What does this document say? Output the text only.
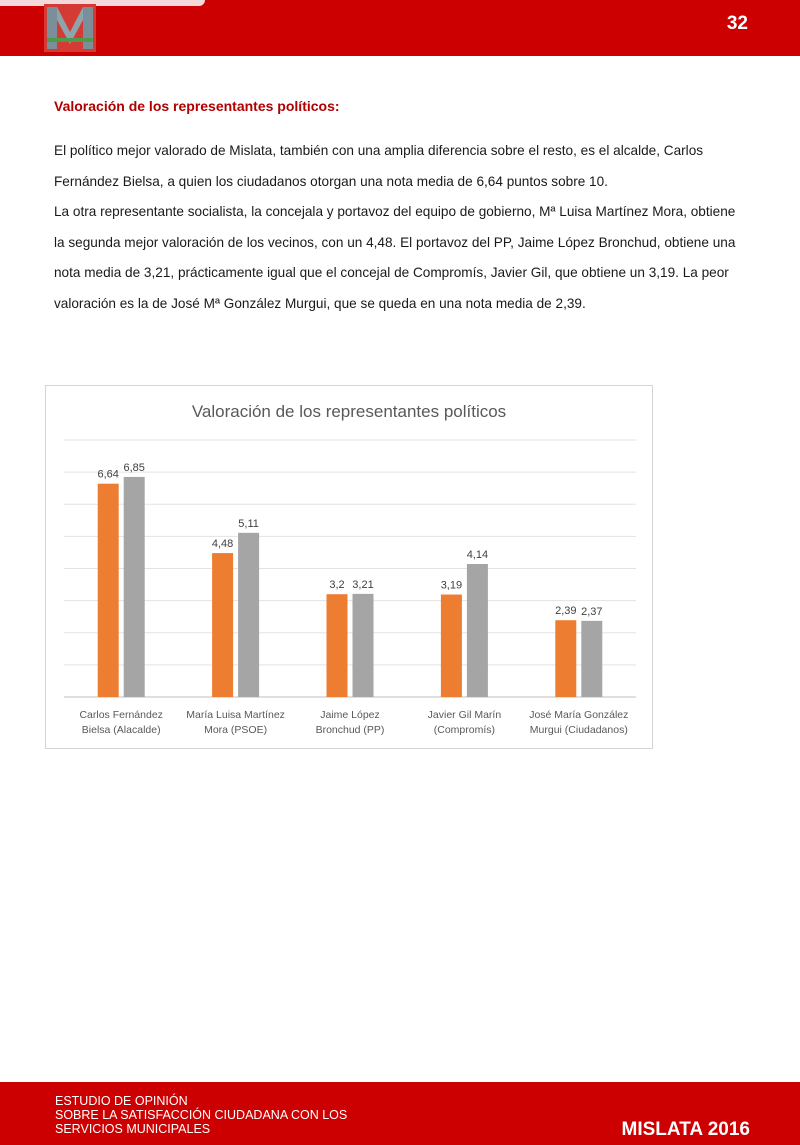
32
Valoración de los representantes políticos:

El político mejor valorado de Mislata, también con una amplia diferencia sobre el resto, es el alcalde, Carlos Fernández Bielsa, a quien los ciudadanos otorgan una nota media de 6,64 puntos sobre 10.

La otra representante socialista, la concejala y portavoz del equipo de gobierno, Mª Luisa Martínez Mora, obtiene la segunda mejor valoración de los vecinos, con un 4,48. El portavoz del PP, Jaime López Bronchud, obtiene una nota media de 3,21, prácticamente igual que el concejal de Compromís, Javier Gil, que obtiene un 3,19. La peor valoración es la de José Mª González Murgui, que se queda en una nota media de 2,39.

Valoración de los representantes políticos
6,64
6,85
Carlos Fernández
Bielsa (Alacalde)
4,48
5,11
María Luisa Martínez
Mora (PSOE)
3,2 3,21
Jaime López
Bronchud (PP)
3,19
4,14
Javier Gil Marín
(Compromís)
2,39 2,37
José María González
Murgui (Ciudadanos)
ESTUDIO DE OPINIÓN
SOBRE LA SATISFACCIÓN CIUDADANA CON LOS
SERVICIOS MUNICIPALES	MISLATA 2016
